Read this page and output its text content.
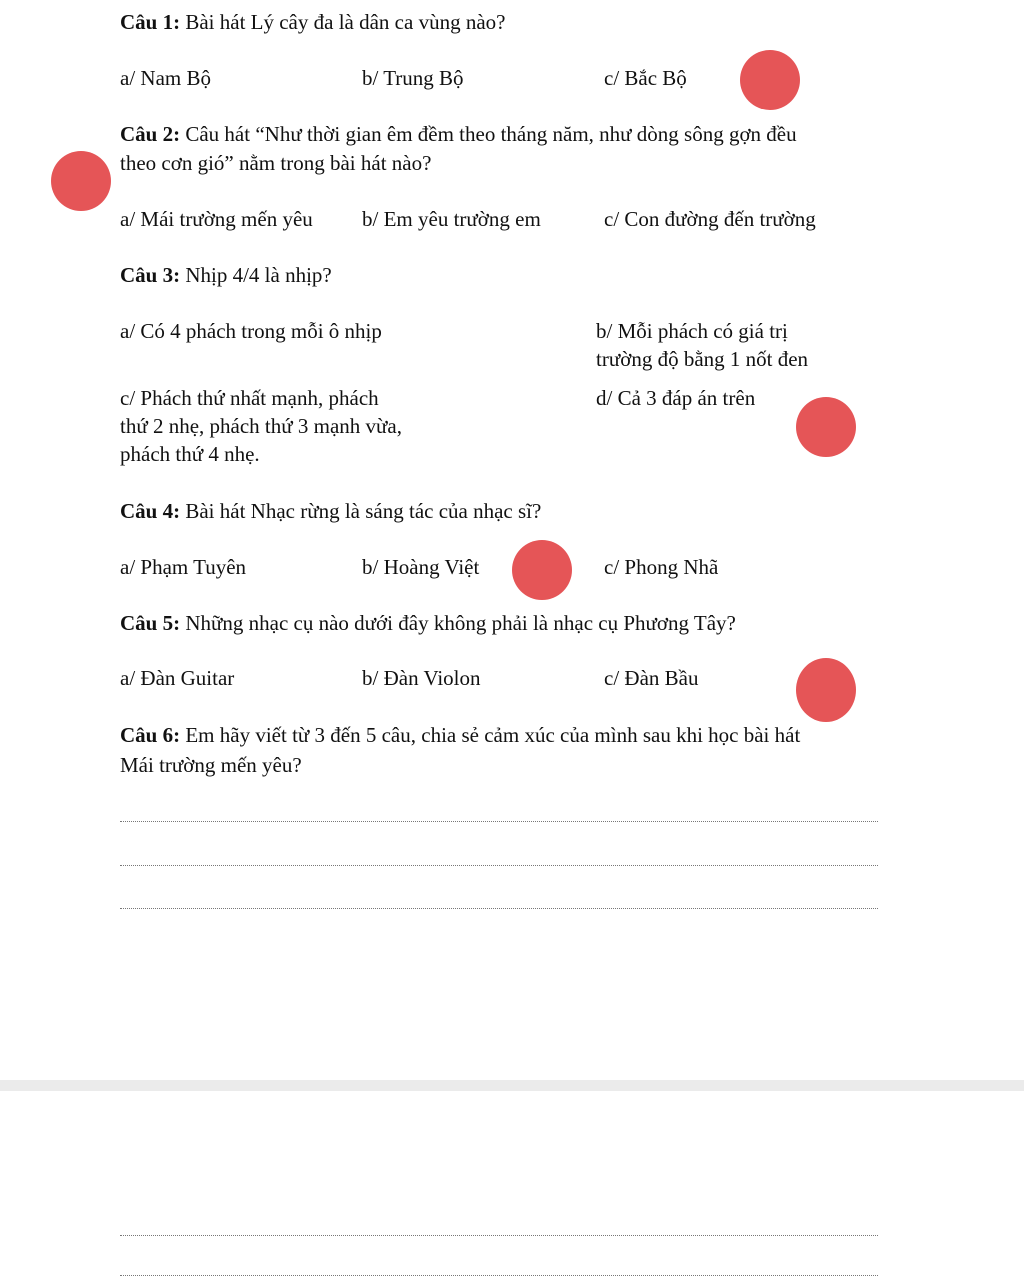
Câu 1: Bài hát Lý cây đa là dân ca vùng nào?
a/ Nam Bộ	b/ Trung Bộ	c/ Bắc Bộ
Câu 2: Câu hát “Như thời gian êm đềm theo tháng năm, như dòng sông gợn đều
theo cơn gió” nằm trong bài hát nào?
a/ Mái trường mến yêu b/ Em yêu trường em	c/ Con đường đến trường
Câu 3: Nhịp 4/4 là nhịp?
a/ Có 4 phách trong mỗi ô nhịp	b/ Mỗi phách có giá trị
trường độ bằng 1 nốt đen
c/ Phách thứ nhất mạnh, phách
thứ 2 nhẹ, phách thứ 3 mạnh vừa,
phách thứ 4 nhẹ.
d/ Cả 3 đáp án trên
Câu 4: Bài hát Nhạc rừng là sáng tác của nhạc sĩ?
a/ Phạm Tuyên	b/ Hoàng Việt	c/ Phong Nhã
Câu 5: Những nhạc cụ nào dưới đây không phải là nhạc cụ Phương Tây?
a/ Đàn Guitar	b/ Đàn Violon	c/ Đàn Bầu
Câu 6: Em hãy viết từ 3 đến 5 câu, chia sẻ cảm xúc của mình sau khi học bài hát
Mái trường mến yêu?
